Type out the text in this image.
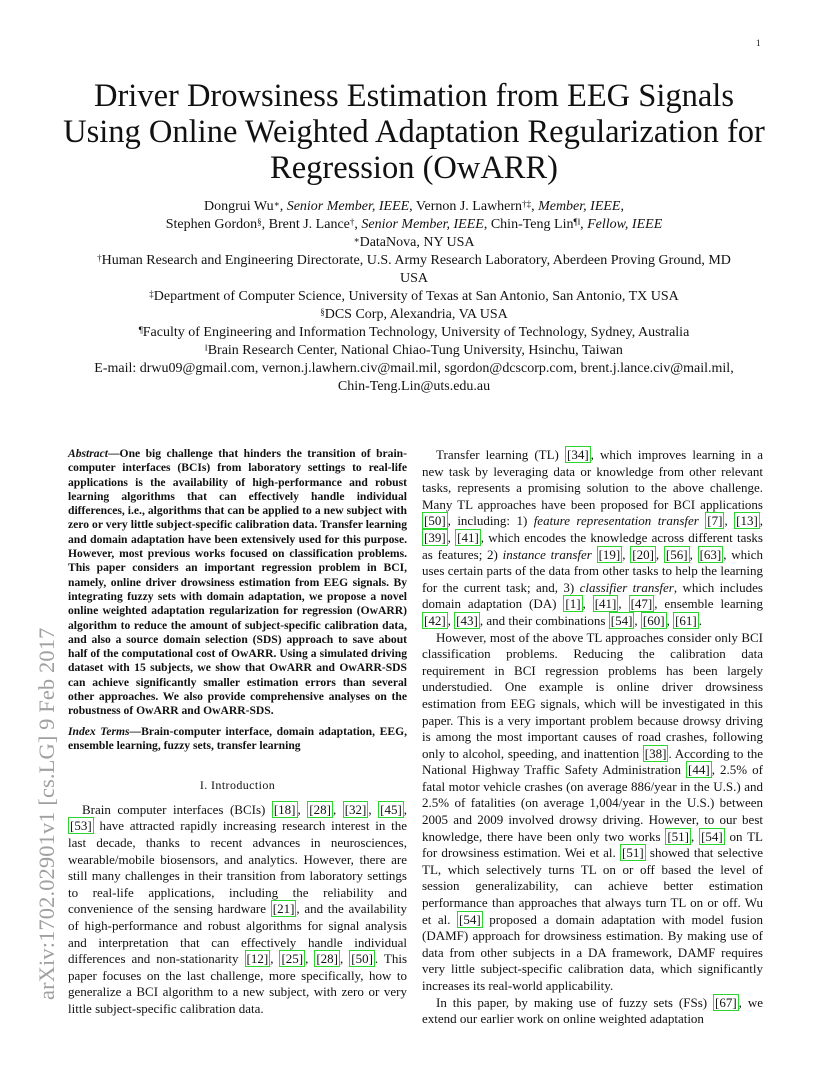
1
arXiv:1702.02901v1 [cs.LG] 9 Feb 2017
Driver Drowsiness Estimation from EEG Signals Using Online Weighted Adaptation Regularization for Regression (OwARR)
Dongrui Wu∗, Senior Member, IEEE, Vernon J. Lawhern†‡, Member, IEEE,
Stephen Gordon§, Brent J. Lance†, Senior Member, IEEE, Chin-Teng Lin¶‖, Fellow, IEEE
∗DataNova, NY USA
†Human Research and Engineering Directorate, U.S. Army Research Laboratory, Aberdeen Proving Ground, MD
USA
‡Department of Computer Science, University of Texas at San Antonio, San Antonio, TX USA
§DCS Corp, Alexandria, VA USA
¶Faculty of Engineering and Information Technology, University of Technology, Sydney, Australia
‖Brain Research Center, National Chiao-Tung University, Hsinchu, Taiwan
E-mail: drwu09@gmail.com, vernon.j.lawhern.civ@mail.mil, sgordon@dcscorp.com, brent.j.lance.civ@mail.mil,
Chin-Teng.Lin@uts.edu.au

Abstract—One big challenge that hinders the transition of brain-computer interfaces (BCIs) from laboratory settings to real-life applications is the availability of high-performance and robust learning algorithms that can effectively handle individual differences, i.e., algorithms that can be applied to a new subject with zero or very little subject-specific calibration data. Transfer learning and domain adaptation have been extensively used for this purpose. However, most previous works focused on classification problems. This paper considers an important regression problem in BCI, namely, online driver drowsiness estimation from EEG signals. By integrating fuzzy sets with domain adaptation, we propose a novel online weighted adaptation regularization for regression (OwARR) algorithm to reduce the amount of subject-specific calibration data, and also a source domain selection (SDS) approach to save about half of the computational cost of OwARR. Using a simulated driving dataset with 15 subjects, we show that OwARR and OwARR-SDS can achieve significantly smaller estimation errors than several other approaches. We also provide comprehensive analyses on the robustness of OwARR and OwARR-SDS.

Index Terms—Brain-computer interface, domain adaptation, EEG, ensemble learning, fuzzy sets, transfer learning

I. Introduction

Brain computer interfaces (BCIs) [18] , [28] , [32] , [45] , [53] have attracted rapidly increasing research interest in the last decade, thanks to recent advances in neurosciences, wearable/mobile biosensors, and analytics. However, there are still many challenges in their transition from laboratory settings to real-life applications, including the reliability and convenience of the sensing hardware [21] , and the availability of high-performance and robust algorithms for signal analysis and interpretation that can effectively handle individual differences and non-stationarity [12] , [25] , [28] , [50] . This paper focuses on the last challenge, more specifically, how to generalize a BCI algorithm to a new subject, with zero or very little subject-specific calibration data.

Transfer learning (TL) [34] , which improves learning in a new task by leveraging data or knowledge from other relevant tasks, represents a promising solution to the above challenge. Many TL approaches have been proposed for BCI applications [50] , including: 1) feature representation transfer [7] , [13] , [39] , [41] , which encodes the knowledge across different tasks as features; 2) instance transfer [19] , [20] , [56] , [63] , which uses certain parts of the data from other tasks to help the learning for the current task; and, 3) classifier transfer, which includes domain adaptation (DA) [1] , [41] , [47] , ensemble learning [42] , [43] , and their combinations [54] , [60] , [61] .

However, most of the above TL approaches consider only BCI classification problems. Reducing the calibration data requirement in BCI regression problems has been largely understudied. One example is online driver drowsiness estimation from EEG signals, which will be investigated in this paper. This is a very important problem because drowsy driving is among the most important causes of road crashes, following only to alcohol, speeding, and inattention [38] . According to the National Highway Traffic Safety Administration [44] , 2.5% of fatal motor vehicle crashes (on average 886/year in the U.S.) and 2.5% of fatalities (on average 1,004/year in the U.S.) between 2005 and 2009 involved drowsy driving. However, to our best knowledge, there have been only two works [51] , [54] on TL for drowsiness estimation. Wei et al. [51] showed that selective TL, which selectively turns TL on or off based the level of session generalizability, can achieve better estimation performance than approaches that always turn TL on or off. Wu et al. [54] proposed a domain adaptation with model fusion (DAMF) approach for drowsiness estimation. By making use of data from other subjects in a DA framework, DAMF requires very little subject-specific calibration data, which significantly increases its real-world applicability.

In this paper, by making use of fuzzy sets (FSs) [67] , we extend our earlier work on online weighted adaptation
